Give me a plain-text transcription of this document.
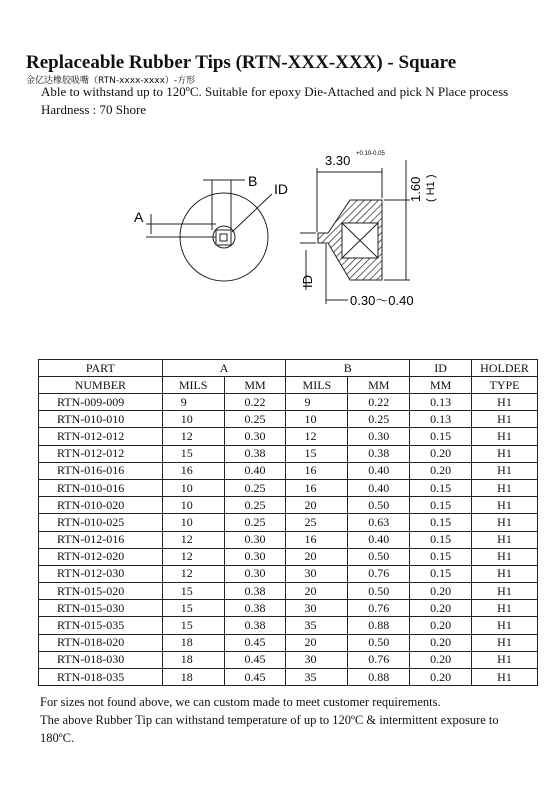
Replaceable Rubber Tips (RTN-XXX-XXX) - Square
金亿达橡胶吸嘴（RTN-xxxx-xxxx）-方形
Able to withstand up to 120ºC. Suitable for epoxy Die-Attached and pick N Place process
Hardness : 70 Shore
A
B ID
3.30 +0.10-0.05
1.60 ( H1 )
ID
0.30～0.40
PART	A		B		ID	HOLDER
NUMBER	MILS	MM	MILS	MM	MM	TYPE
RTN-009-009	9	0.22	9	0.22	0.13	H1
RTN-010-010	10	0.25	10	0.25	0.13	H1
RTN-012-012	12	0.30	12	0.30	0.15	H1
RTN-012-012	15	0.38	15	0.38	0.20	H1
RTN-016-016	16	0.40	16	0.40	0.20	H1
RTN-010-016	10	0.25	16	0.40	0.15	H1
RTN-010-020	10	0.25	20	0.50	0.15	H1
RTN-010-025	10	0.25	25	0.63	0.15	H1
RTN-012-016	12	0.30	16	0.40	0.15	H1
RTN-012-020	12	0.30	20	0.50	0.15	H1
RTN-012-030	12	0.30	30	0.76	0.15	H1
RTN-015-020	15	0.38	20	0.50	0.20	H1
RTN-015-030	15	0.38	30	0.76	0.20	H1
RTN-015-035	15	0.38	35	0.88	0.20	H1
RTN-018-020	18	0.45	20	0.50	0.20	H1
RTN-018-030	18	0.45	30	0.76	0.20	H1
RTN-018-035	18	0.45	35	0.88	0.20	H1

For sizes not found above, we can custom made to meet customer requirements.

The above Rubber Tip can withstand temperature of up to 120ºC & intermittent exposure to 180ºC.
